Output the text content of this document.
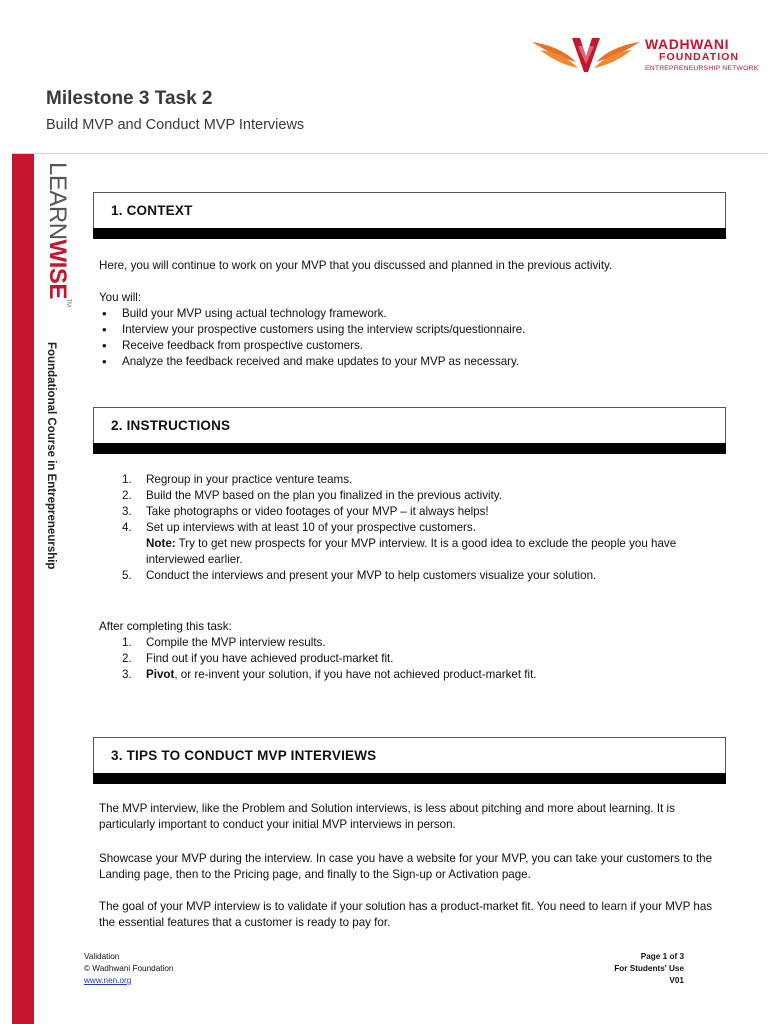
WADHWANI
FOUNDATION
ENTREPRENEURSHIP NETWORK
Milestone 3 Task 2
Build MVP and Conduct MVP Interviews
LEARNWISE™
Foundational Course in Entrepreneurship
1. CONTEXT
Here, you will continue to work on your MVP that you discussed and planned in the previous activity.
You will:
• Build your MVP using actual technology framework.
• Interview your prospective customers using the interview scripts/questionnaire.
• Receive feedback from prospective customers.
• Analyze the feedback received and make updates to your MVP as necessary.
2. INSTRUCTIONS
1. Regroup in your practice venture teams.
2. Build the MVP based on the plan you finalized in the previous activity.
3. Take photographs or video footages of your MVP – it always helps!
4. Set up interviews with at least 10 of your prospective customers.
Note: Try to get new prospects for your MVP interview. It is a good idea to exclude the people you have interviewed earlier.
5. Conduct the interviews and present your MVP to help customers visualize your solution.
After completing this task:
1. Compile the MVP interview results.
2. Find out if you have achieved product-market fit.
3. Pivot, or re-invent your solution, if you have not achieved product-market fit.
3. TIPS TO CONDUCT MVP INTERVIEWS
The MVP interview, like the Problem and Solution interviews, is less about pitching and more about learning. It is particularly important to conduct your initial MVP interviews in person.
Showcase your MVP during the interview. In case you have a website for your MVP, you can take your customers to the Landing page, then to the Pricing page, and finally to the Sign-up or Activation page.
The goal of your MVP interview is to validate if your solution has a product-market fit. You need to learn if your MVP has the essential features that a customer is ready to pay for.
Validation
© Wadhwani Foundation
www.nen.org
Page 1 of 3
For Students' Use
V01
